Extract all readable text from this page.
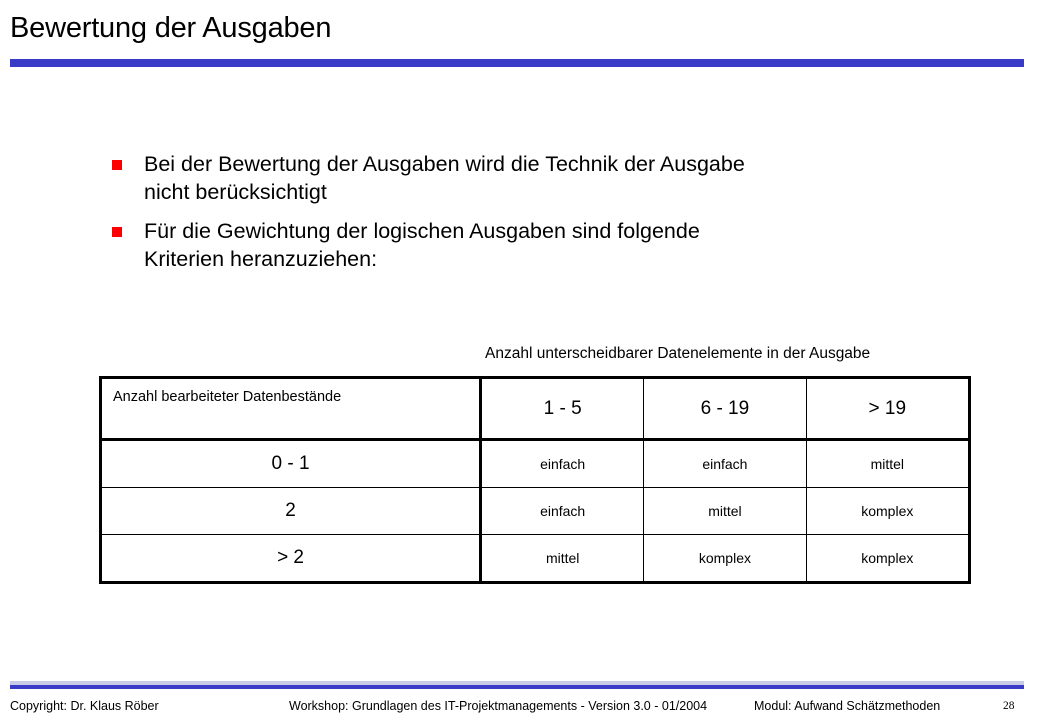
Bewertung der Ausgaben
Bei der Bewertung der Ausgaben wird die Technik der Ausgabe
nicht berücksichtigt
Für die Gewichtung der logischen Ausgaben sind folgende
Kriterien heranzuziehen:
Anzahl unterscheidbarer Datenelemente in der Ausgabe
Anzahl bearbeiteter Datenbestände	1 - 5	6 - 19	> 19
0 - 1	einfach	einfach	mittel
2	einfach	mittel	komplex
> 2	mittel	komplex	komplex
Copyright: Dr. Klaus Röber	Workshop: Grundlagen des IT-Projektmanagements - Version 3.0 - 01/2004	Modul: Aufwand Schätzmethoden	28
